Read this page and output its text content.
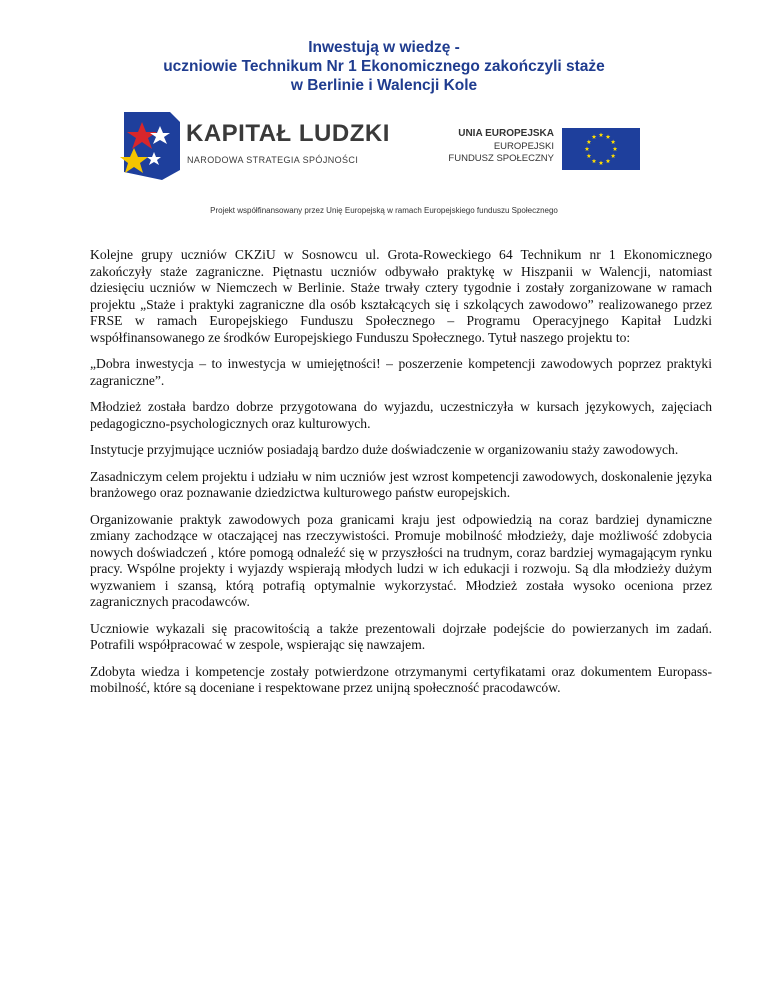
Inwestują w wiedzę -
uczniowie Technikum Nr 1 Ekonomicznego zakończyli staże
w Berlinie i Walencji Kole
KAPITAŁ LUDZKI
NARODOWA STRATEGIA SPÓJNOŚCI
UNIA EUROPEJSKA
EUROPEJSKI
FUNDUSZ SPOŁECZNY
Projekt współfinansowany przez Unię Europejską w ramach Europejskiego funduszu Społecznego

Kolejne grupy uczniów CKZiU w Sosnowcu ul. Grota-Roweckiego 64 Technikum nr 1 Ekonomicznego zakończyły staże zagraniczne. Piętnastu uczniów odbywało praktykę w Hiszpanii w Walencji, natomiast dziesięciu uczniów w Niemczech w Berlinie. Staże trwały cztery tygodnie i zostały zorganizowane w ramach projektu „Staże i praktyki zagraniczne dla osób kształcących się i szkolących zawodowo” realizowanego przez FRSE w ramach Europejskiego Funduszu Społecznego – Programu Operacyjnego Kapitał Ludzki współfinansowanego ze środków Europejskiego Funduszu Społecznego. Tytuł naszego projektu to:

„Dobra inwestycja – to inwestycja w umiejętności! – poszerzenie kompetencji zawodowych poprzez praktyki zagraniczne”.

Młodzież została bardzo dobrze przygotowana do wyjazdu, uczestniczyła w kursach językowych, zajęciach pedagogiczno-psychologicznych oraz kulturowych.

Instytucje przyjmujące uczniów posiadają bardzo duże doświadczenie w organizowaniu staży zawodowych.

Zasadniczym celem projektu i udziału w nim uczniów jest wzrost kompetencji zawodowych, doskonalenie języka branżowego oraz poznawanie dziedzictwa kulturowego państw europejskich.

Organizowanie praktyk zawodowych poza granicami kraju jest odpowiedzią na coraz bardziej dynamiczne zmiany zachodzące w otaczającej nas rzeczywistości. Promuje mobilność młodzieży, daje możliwość zdobycia nowych doświadczeń , które pomogą odnaleźć się w przyszłości na trudnym, coraz bardziej wymagającym rynku pracy. Wspólne projekty i wyjazdy wspierają młodych ludzi w ich edukacji i rozwoju. Są dla młodzieży dużym wyzwaniem i szansą, którą potrafią optymalnie wykorzystać. Młodzież została wysoko oceniona przez zagranicznych pracodawców.

Uczniowie wykazali się pracowitością a także prezentowali dojrzałe podejście do powierzanych im zadań. Potrafili współpracować w zespole, wspierając się nawzajem.

Zdobyta wiedza i kompetencje zostały potwierdzone otrzymanymi certyfikatami oraz dokumentem Europass-mobilność, które są doceniane i respektowane przez unijną społeczność pracodawców.
